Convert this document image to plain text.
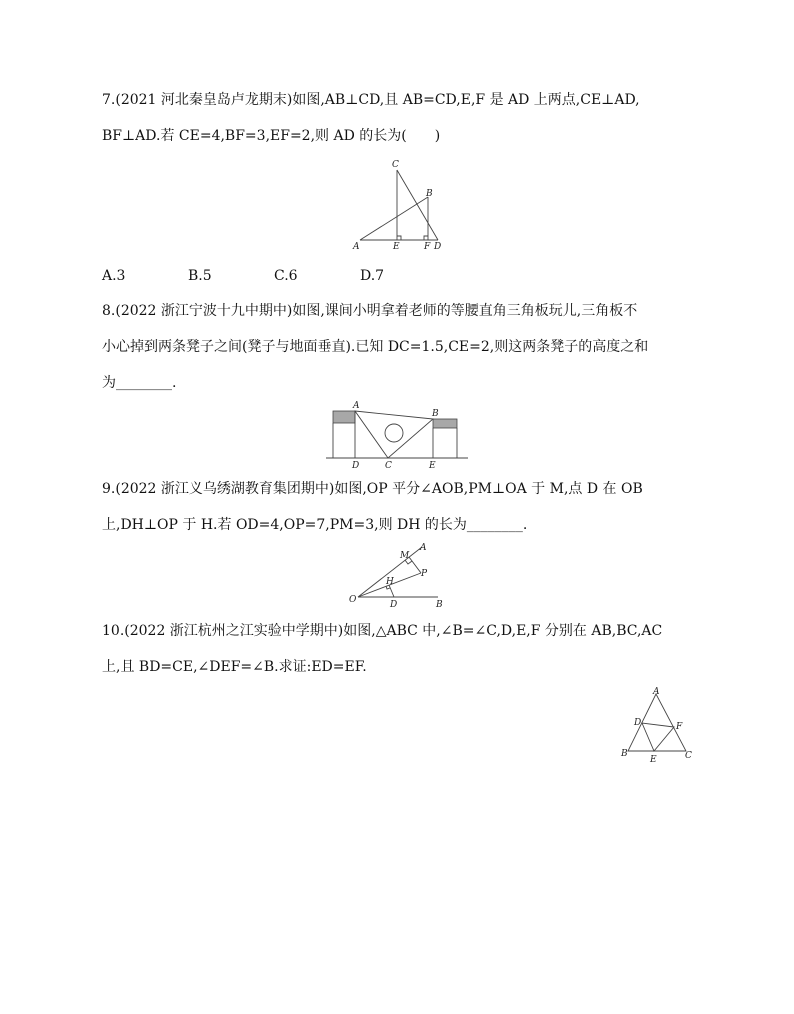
7.(2021 河北秦皇岛卢龙期末)如图,AB⊥CD,且 AB=CD,E,F 是 AD 上两点,CE⊥AD,
BF⊥AD.若 CE=4,BF=3,EF=2,则 AD 的长为(　　)
C
B
A	E	F D
A.3	B.5	C.6	D.7
8.(2022 浙江宁波十九中期中)如图,课间小明拿着老师的等腰直角三角板玩儿,三角板不
小心掉到两条凳子之间(凳子与地面垂直).已知 DC=1.5,CE=2,则这两条凳子的高度之和
为________.
A
B
D	C	E
9.(2022 浙江义乌绣湖教育集团期中)如图,OP 平分∠AOB,PM⊥OA 于 M,点 D 在 OB
上,DH⊥OP 于 H.若 OD=4,OP=7,PM=3,则 DH 的长为________.
M
A
P
H
O	D	B
10.(2022 浙江杭州之江实验中学期中)如图,△ABC 中,∠B=∠C,D,E,F 分别在 AB,BC,AC
上,且 BD=CE,∠DEF=∠B.求证:ED=EF.
A
D	F
B
E	C
